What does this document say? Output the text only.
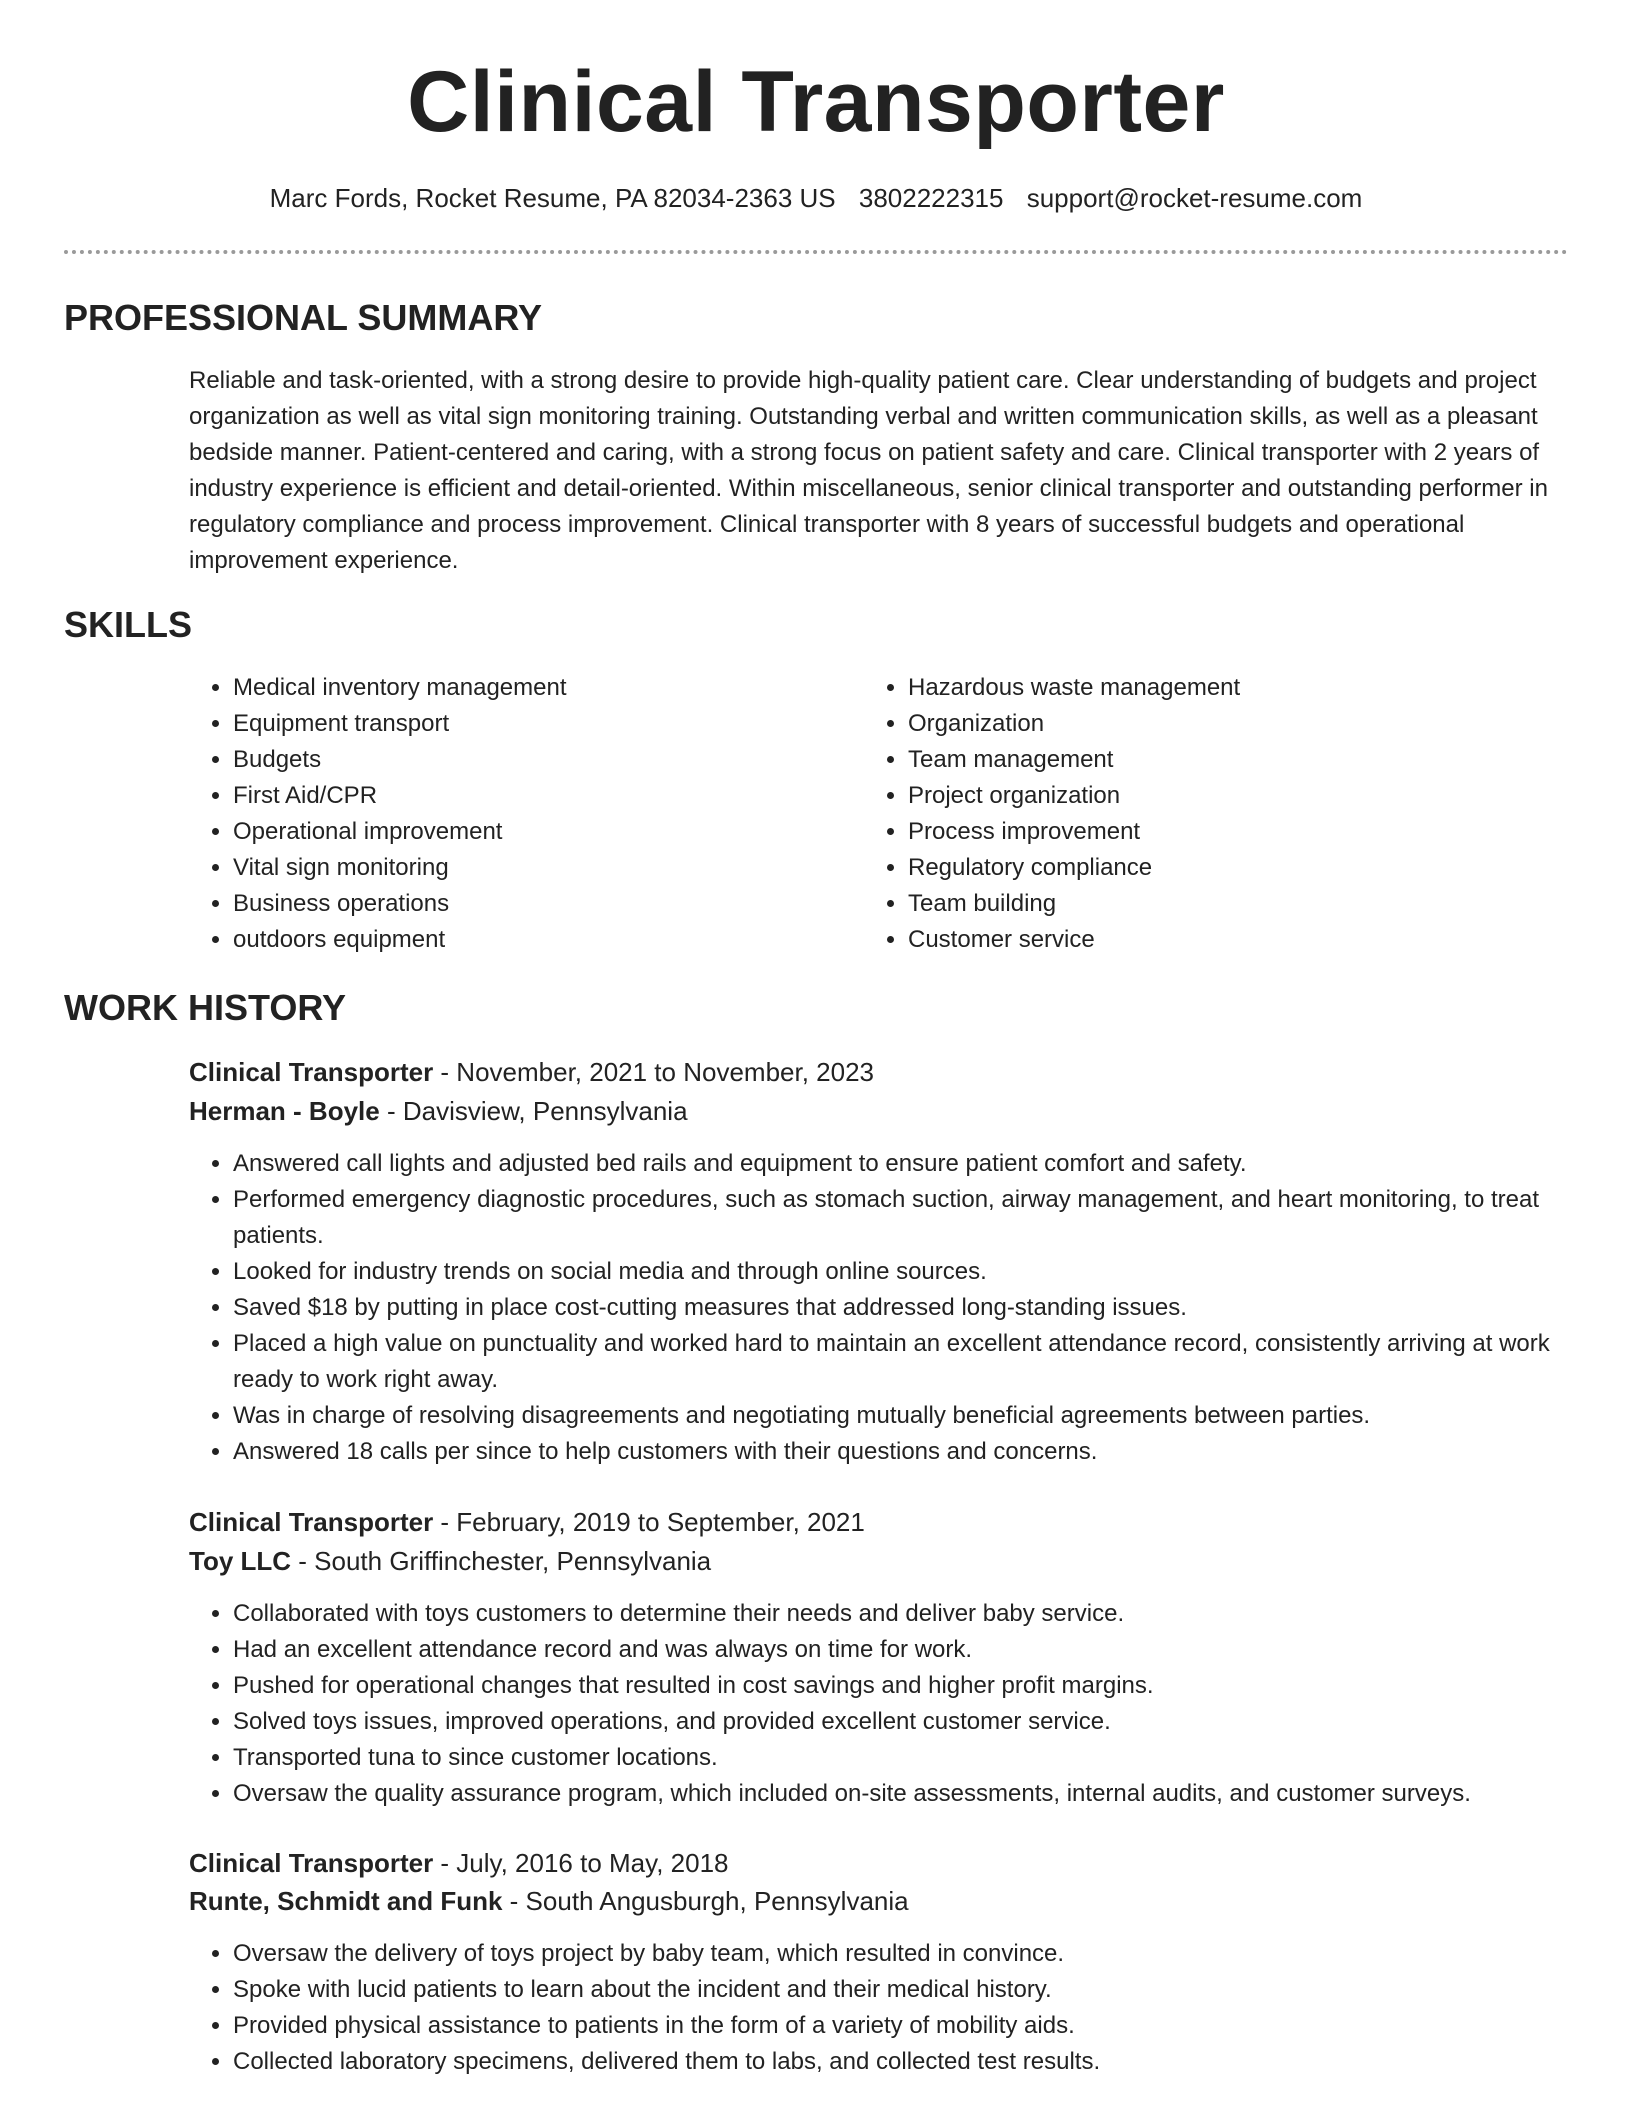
Clinical Transporter
Marc Fords, Rocket Resume, PA 82034-2363 US 3802222315 support@rocket-resume.com
PROFESSIONAL SUMMARY

Reliable and task-oriented, with a strong desire to provide high-quality patient care. Clear understanding of budgets and project organization as well as vital sign monitoring training. Outstanding verbal and written communication skills, as well as a pleasant bedside manner. Patient-centered and caring, with a strong focus on patient safety and care. Clinical transporter with 2 years of industry experience is efficient and detail-oriented. Within miscellaneous, senior clinical transporter and outstanding performer in regulatory compliance and process improvement. Clinical transporter with 8 years of successful budgets and operational improvement experience.

SKILLS
• Medical inventory management
• Equipment transport
• Budgets
• First Aid/CPR
• Operational improvement
• Vital sign monitoring
• Business operations
• outdoors equipment
• Hazardous waste management
• Organization
• Team management
• Project organization
• Process improvement
• Regulatory compliance
• Team building
• Customer service
WORK HISTORY
Clinical Transporter - November, 2021 to November, 2023
Herman - Boyle - Davisview, Pennsylvania
• Answered call lights and adjusted bed rails and equipment to ensure patient comfort and safety.
• Performed emergency diagnostic procedures, such as stomach suction, airway management, and heart monitoring, to treat patients.
• Looked for industry trends on social media and through online sources.
• Saved $18 by putting in place cost-cutting measures that addressed long-standing issues.
• Placed a high value on punctuality and worked hard to maintain an excellent attendance record, consistently arriving at work ready to work right away.
• Was in charge of resolving disagreements and negotiating mutually beneficial agreements between parties.
• Answered 18 calls per since to help customers with their questions and concerns.
Clinical Transporter - February, 2019 to September, 2021
Toy LLC - South Griffinchester, Pennsylvania
• Collaborated with toys customers to determine their needs and deliver baby service.
• Had an excellent attendance record and was always on time for work.
• Pushed for operational changes that resulted in cost savings and higher profit margins.
• Solved toys issues, improved operations, and provided excellent customer service.
• Transported tuna to since customer locations.
• Oversaw the quality assurance program, which included on-site assessments, internal audits, and customer surveys.
Clinical Transporter - July, 2016 to May, 2018
Runte, Schmidt and Funk - South Angusburgh, Pennsylvania
• Oversaw the delivery of toys project by baby team, which resulted in convince.
• Spoke with lucid patients to learn about the incident and their medical history.
• Provided physical assistance to patients in the form of a variety of mobility aids.
• Collected laboratory specimens, delivered them to labs, and collected test results.
